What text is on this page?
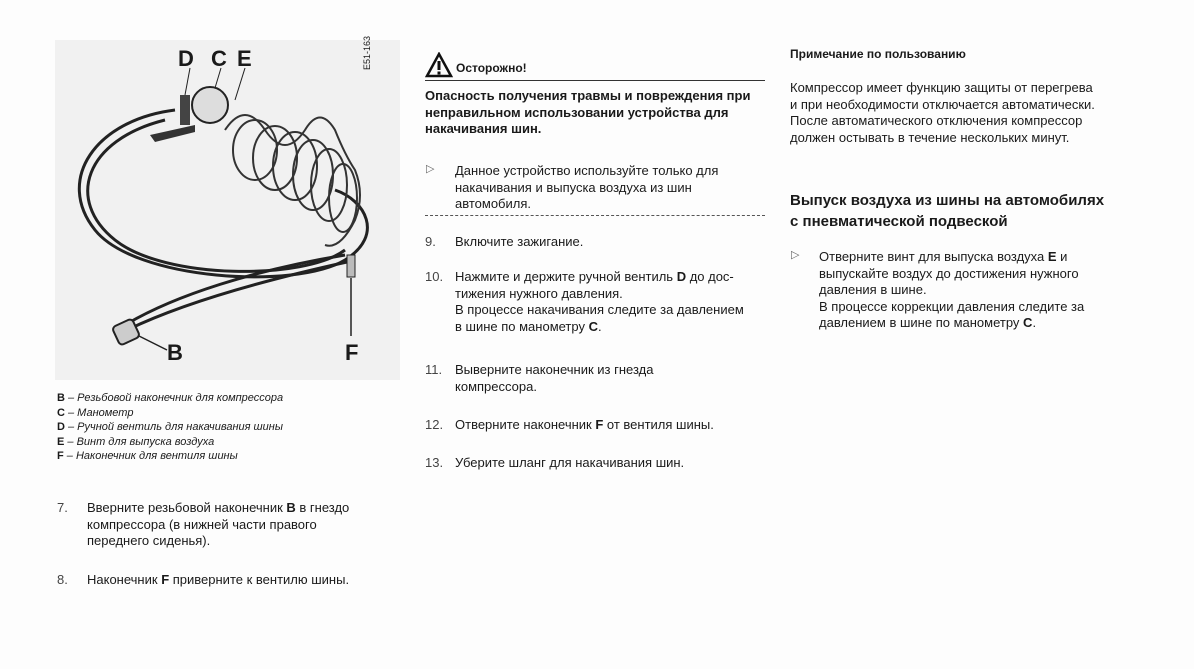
D C E
B	F
E51-163
B – Резьбовой наконечник для компрессора
C – Манометр
D – Ручной вентиль для накачивания шины
E – Винт для выпуска воздуха
F – Наконечник для вентиля шины
7. Вверните резьбовой наконечник B в гнездо
компрессора (в нижней части правого
переднего сиденья).
8. Наконечник F приверните к вентилю шины.
Осторожно!
Опасность получения травмы и повреждения при
неправильном использовании устройства для
накачивания шин.
▷ Данное устройство используйте только для
накачивания и выпуска воздуха из шин
автомобиля.
9. Включите зажигание.
10. Нажмите и держите ручной вентиль D до дос-
тижения нужного давления.
В процессе накачивания следите за давлением
в шине по манометру C.
11. Выверните наконечник из гнезда
компрессора.
12. Отверните наконечник F от вентиля шины.
13. Уберите шланг для накачивания шин.
Примечание по пользованию
Компрессор имеет функцию защиты от перегрева
и при необходимости отключается автоматически.
После автоматического отключения компрессор
должен остывать в течение нескольких минут.
Выпуск воздуха из шины на автомобилях
с пневматической подвеской
▷ Отверните винт для выпуска воздуха E и
выпускайте воздух до достижения нужного
давления в шине.
В процессе коррекции давления следите за
давлением в шине по манометру C.
